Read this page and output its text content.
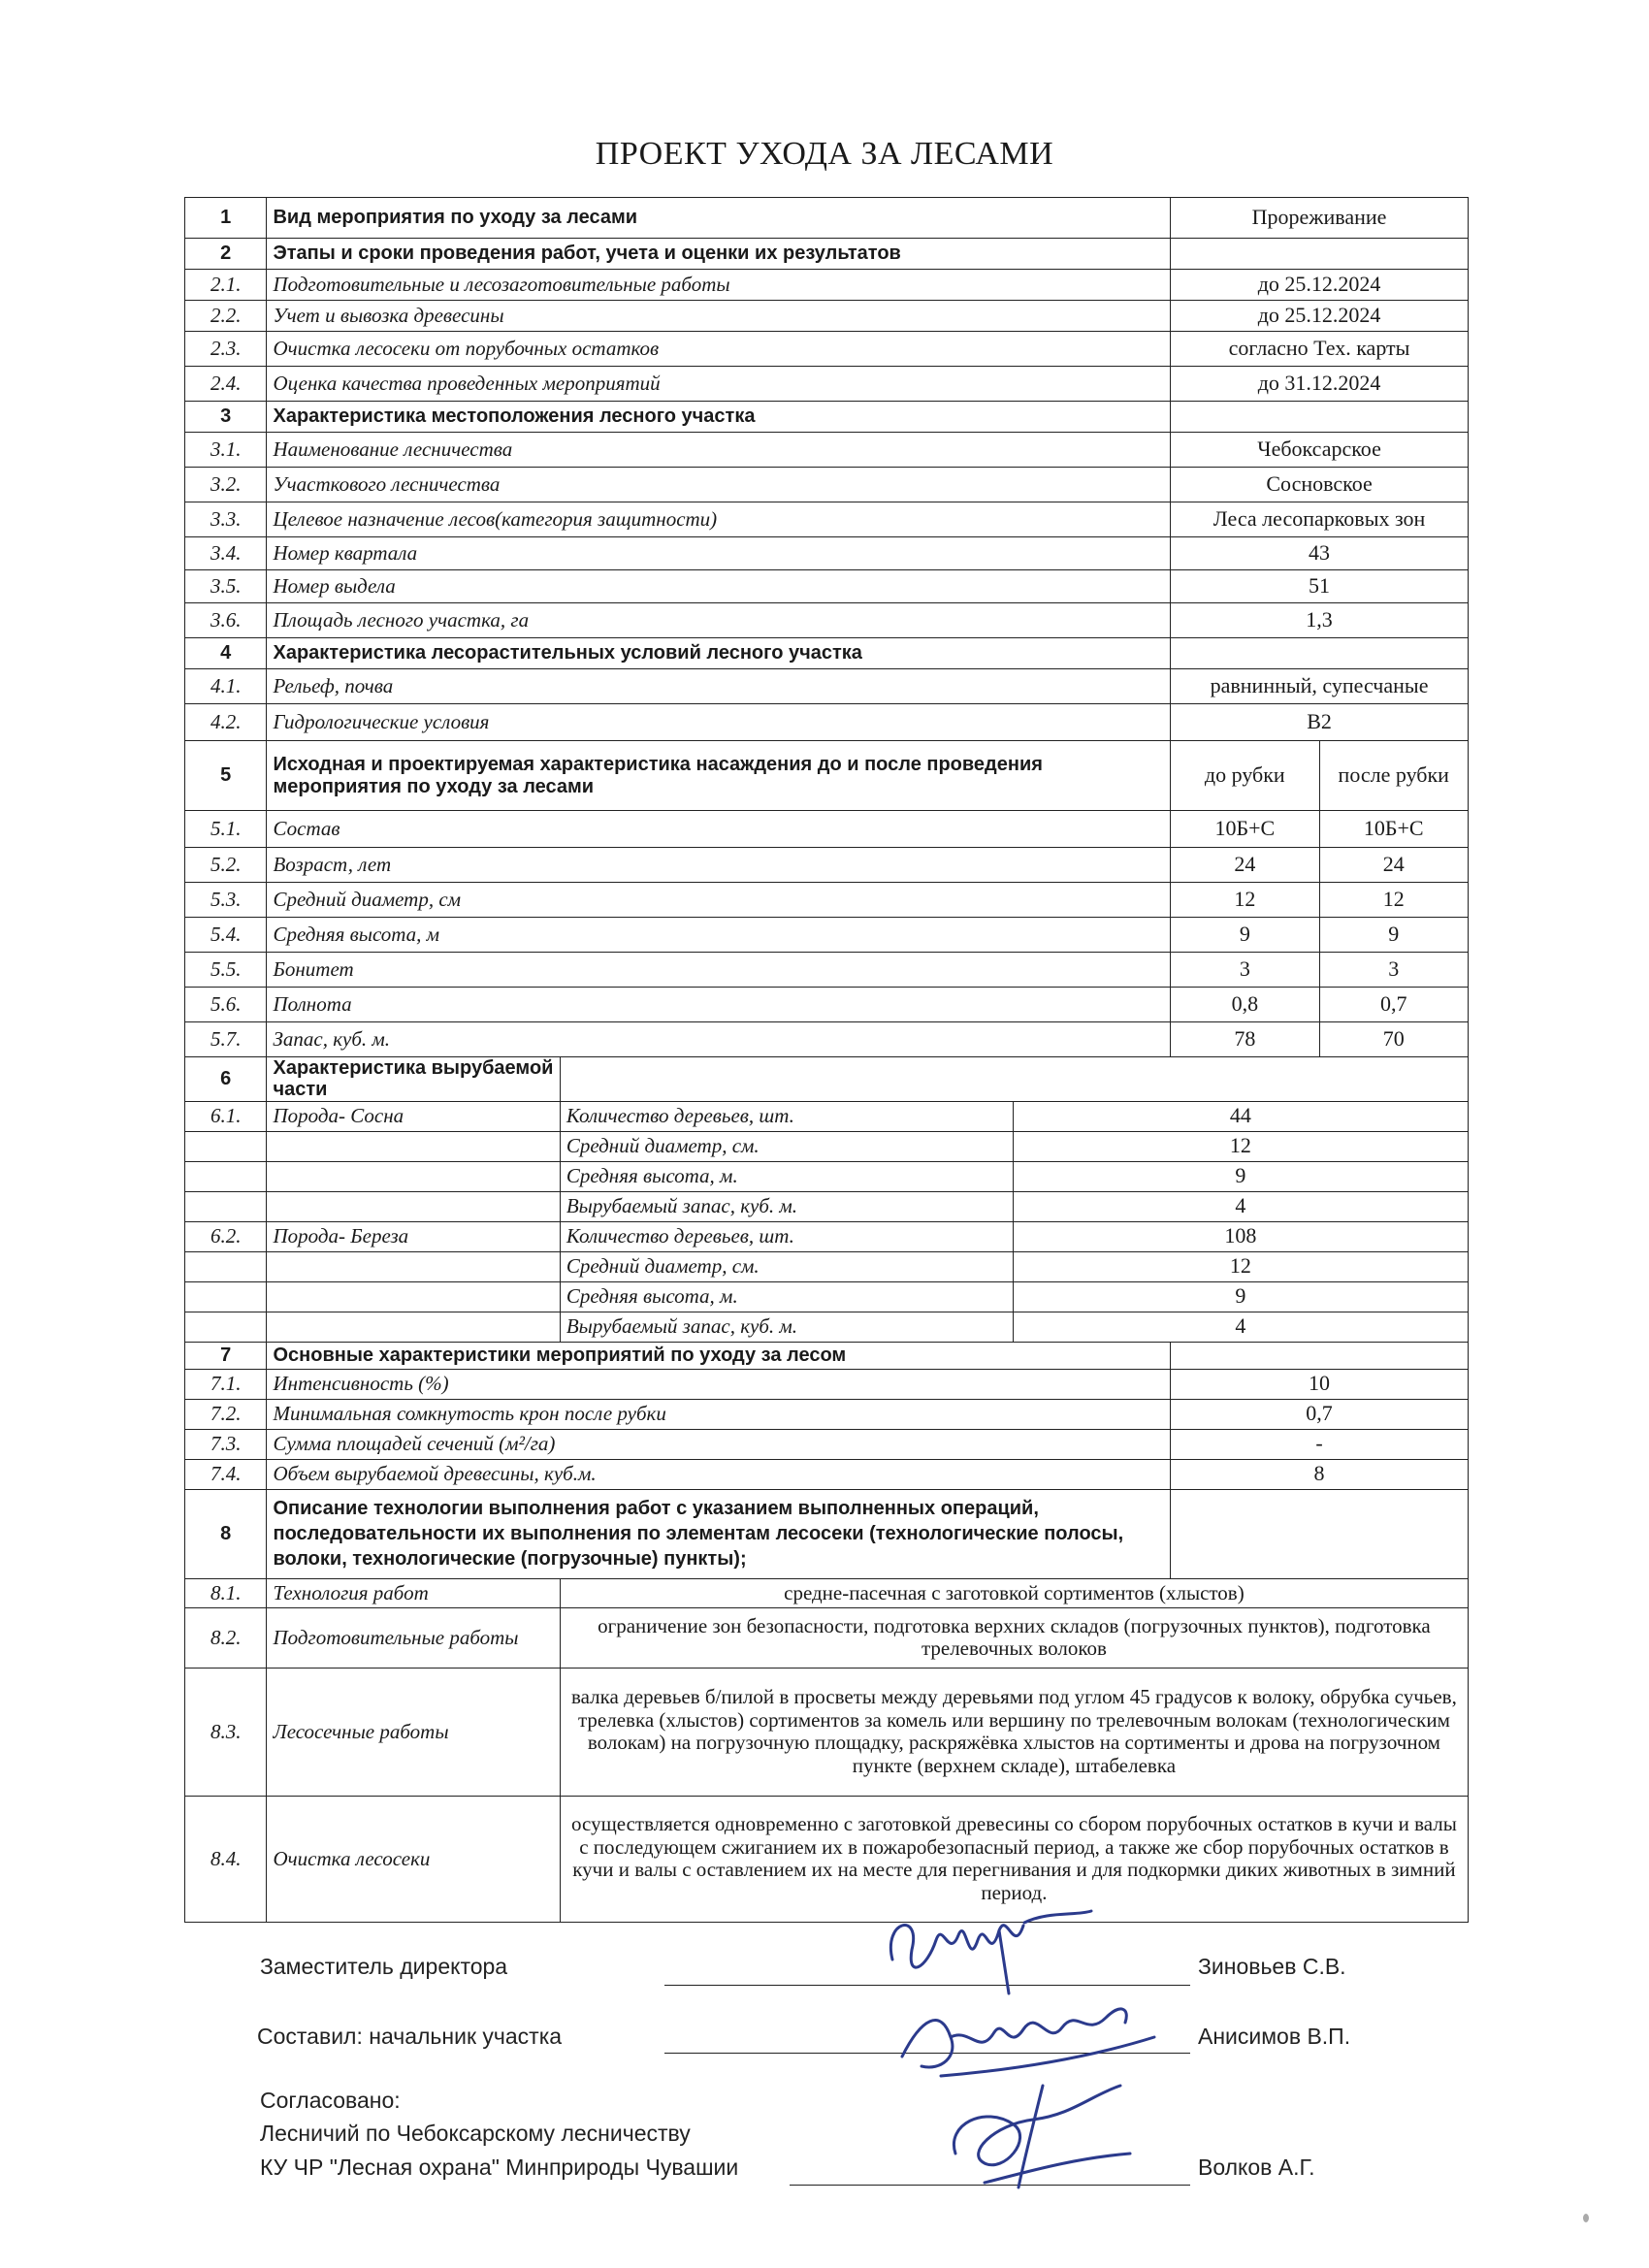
ПРОЕКТ УХОДА ЗА ЛЕСАМИ
1	Вид мероприятия по уходу за лесами			Прореживание	
2	Этапы и сроки проведения работ, учета и оценки их результатов				
2.1.	Подготовительные и лесозаготовительные работы			до 25.12.2024	
2.2.	Учет и вывозка древесины			до 25.12.2024	
2.3.	Очистка лесосеки от порубочных остатков			согласно Тех. карты	
2.4.	Оценка качества проведенных мероприятий			до 31.12.2024	
3	Характеристика местоположения лесного участка				
3.1.	Наименование лесничества			Чебоксарское	
3.2.	Участкового лесничества			Сосновское	
3.3.	Целевое назначение лесов(категория защитности)			Леса лесопарковых зон	
3.4.	Номер квартала			43	
3.5.	Номер выдела			51	
3.6.	Площадь лесного участка, га			1,3	
4	Характеристика лесорастительных условий лесного участка				
4.1.	Рельеф, почва			равнинный, супесчаные	
4.2.	Гидрологические условия			В2	
5	Исходная и проектируемая характеристика насаждения до и после проведения мероприятия по уходу за лесами			до рубки	после рубки
5.1.	Состав			10Б+С	10Б+С
5.2.	Возраст, лет			24	24
5.3.	Средний диаметр, см			12	12
5.4.	Средняя высота, м			9	9
5.5.	Бонитет			3	3
5.6.	Полнота			0,8	0,7
5.7.	Запас, куб. м.			78	70
6	Характеристика вырубаемой части				
6.1.	Порода- Сосна	Количество деревьев, шт.	44		
		Средний диаметр, см.	12		
		Средняя высота, м.	9		
		Вырубаемый запас, куб. м.	4		
6.2.	Порода- Береза	Количество деревьев, шт.	108		
		Средний диаметр, см.	12		
		Средняя высота, м.	9		
		Вырубаемый запас, куб. м.	4		
7	Основные характеристики мероприятий по уходу за лесом				
7.1.	Интенсивность (%)			10	
7.2.	Минимальная сомкнутость крон после рубки			0,7	
7.3.	Сумма площадей сечений (м²/га)			-	
7.4.	Объем вырубаемой древесины, куб.м.			8	
8	Описание технологии выполнения работ с указанием выполненных операций, последовательности их выполнения по элементам лесосеки (технологические полосы, волоки, технологические (погрузочные) пункты);				
8.1.	Технология работ	средне-пасечная с заготовкой сортиментов (хлыстов)			
8.2.	Подготовительные работы	ограничение зон безопасности, подготовка верхних складов (погрузочных пунктов), подготовка трелевочных волоков			
8.3.	Лесосечные работы	валка деревьев б/пилой в просветы между деревьями под углом 45 градусов к волоку, обрубка сучьев, трелевка (хлыстов) сортиментов за комель или вершину по трелевочным волокам (технологическим волокам) на погрузочную площадку, раскряжёвка хлыстов на сортименты и дрова на погрузочном пункте (верхнем складе), штабелевка			
8.4.	Очистка лесосеки	осуществляется одновременно с заготовкой древесины со сбором порубочных остатков в кучи и валы с последующем сжиганием их в пожаробезопасный период, а также же сбор порубочных остатков в кучи и валы с оставлением их на месте для перегнивания и для подкормки диких животных в зимний период.			
Заместитель директора	Зиновьев С.В.
Составил: начальник участка	Анисимов В.П.
Согласовано:
Лесничий по Чебоксарскому лесничеству
КУ ЧР "Лесная охрана" Минприроды Чувашии	Волков А.Г.
